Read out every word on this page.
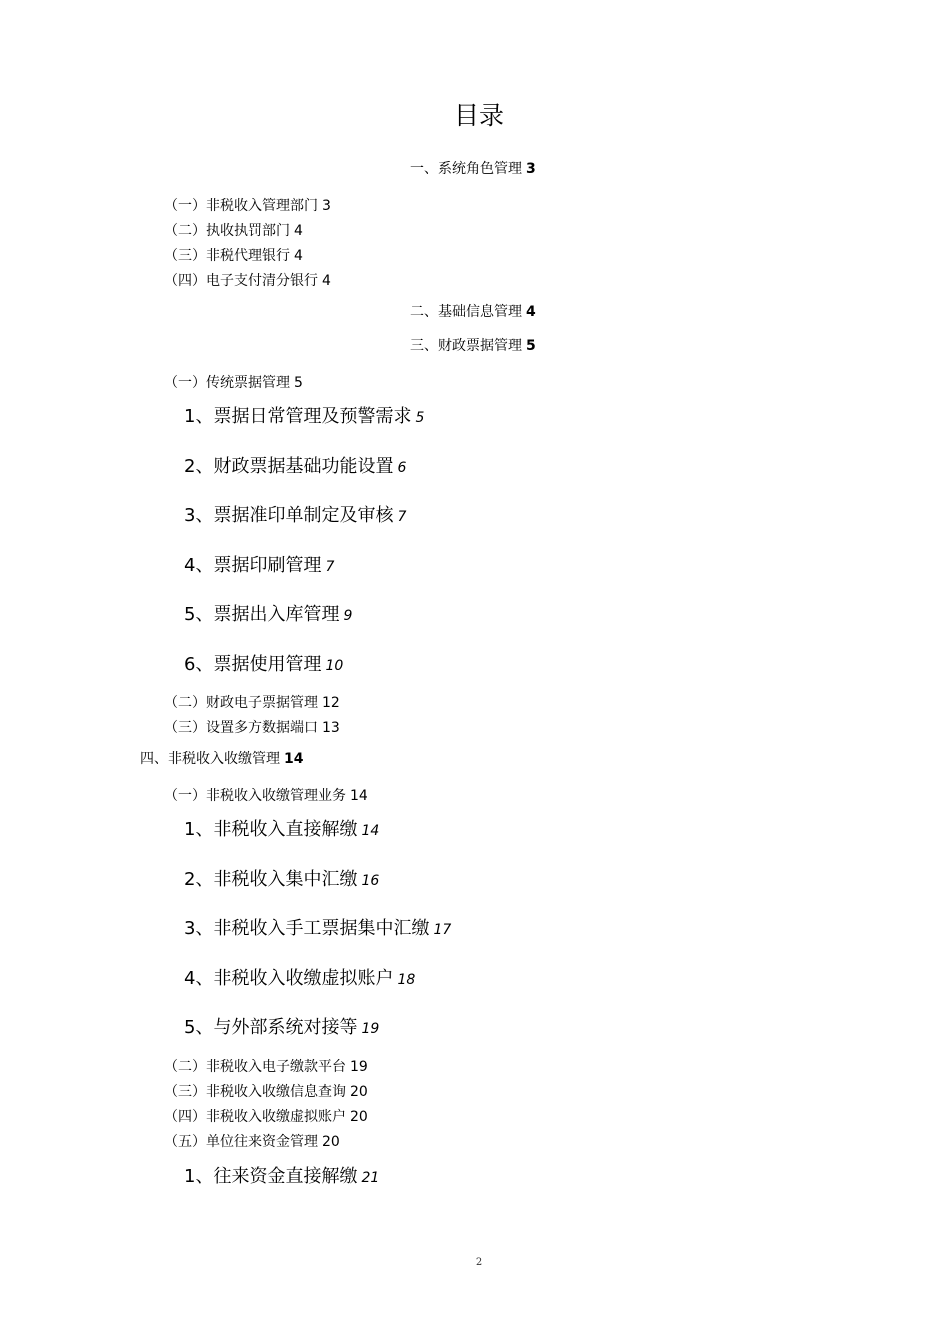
目录
一、系统角色管理 3
（一）非税收入管理部门 3
（二）执收执罚部门 4
（三）非税代理银行 4
（四）电子支付清分银行 4
二、基础信息管理 4
三、财政票据管理 5
（一）传统票据管理 5
1、票据日常管理及预警需求 5
2、财政票据基础功能设置 6
3、票据准印单制定及审核 7
4、票据印刷管理 7
5、票据出入库管理 9
6、票据使用管理 10
（二）财政电子票据管理 12
（三）设置多方数据端口 13
四、非税收入收缴管理 14
（一）非税收入收缴管理业务 14
1、非税收入直接解缴 14
2、非税收入集中汇缴 16
3、非税收入手工票据集中汇缴 17
4、非税收入收缴虚拟账户 18
5、与外部系统对接等 19
（二）非税收入电子缴款平台 19
（三）非税收入收缴信息查询 20
（四）非税收入收缴虚拟账户 20
（五）单位往来资金管理 20
1、往来资金直接解缴 21
2
